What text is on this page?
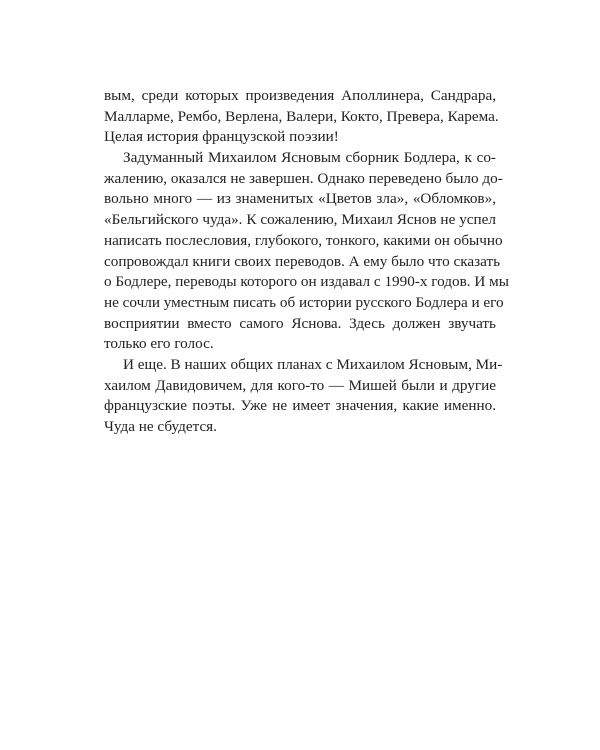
вым, среди которых произведения Аполлинера, Сандрара,
Малларме, Рембо, Верлена, Валери, Кокто, Превера, Карема.
Целая история французской поэзии!
Задуманный Михаилом Ясновым сборник Бодлера, к со-
жалению, оказался не завершен. Однако переведено было до-
вольно много — из знаменитых «Цветов зла», «Обломков»,
«Бельгийского чуда». К сожалению, Михаил Яснов не успел
написать послесловия, глубокого, тонкого, какими он обычно
сопровождал книги своих переводов. А ему было что сказать
о Бодлере, переводы которого он издавал с 1990-х годов. И мы
не сочли уместным писать об истории русского Бодлера и его
восприятии вместо самого Яснова. Здесь должен звучать
только его голос.
И еще. В наших общих планах с Михаилом Ясновым, Ми-
хаилом Давидовичем, для кого-то — Мишей были и другие
французские поэты. Уже не имеет значения, какие именно.
Чуда не сбудется.
